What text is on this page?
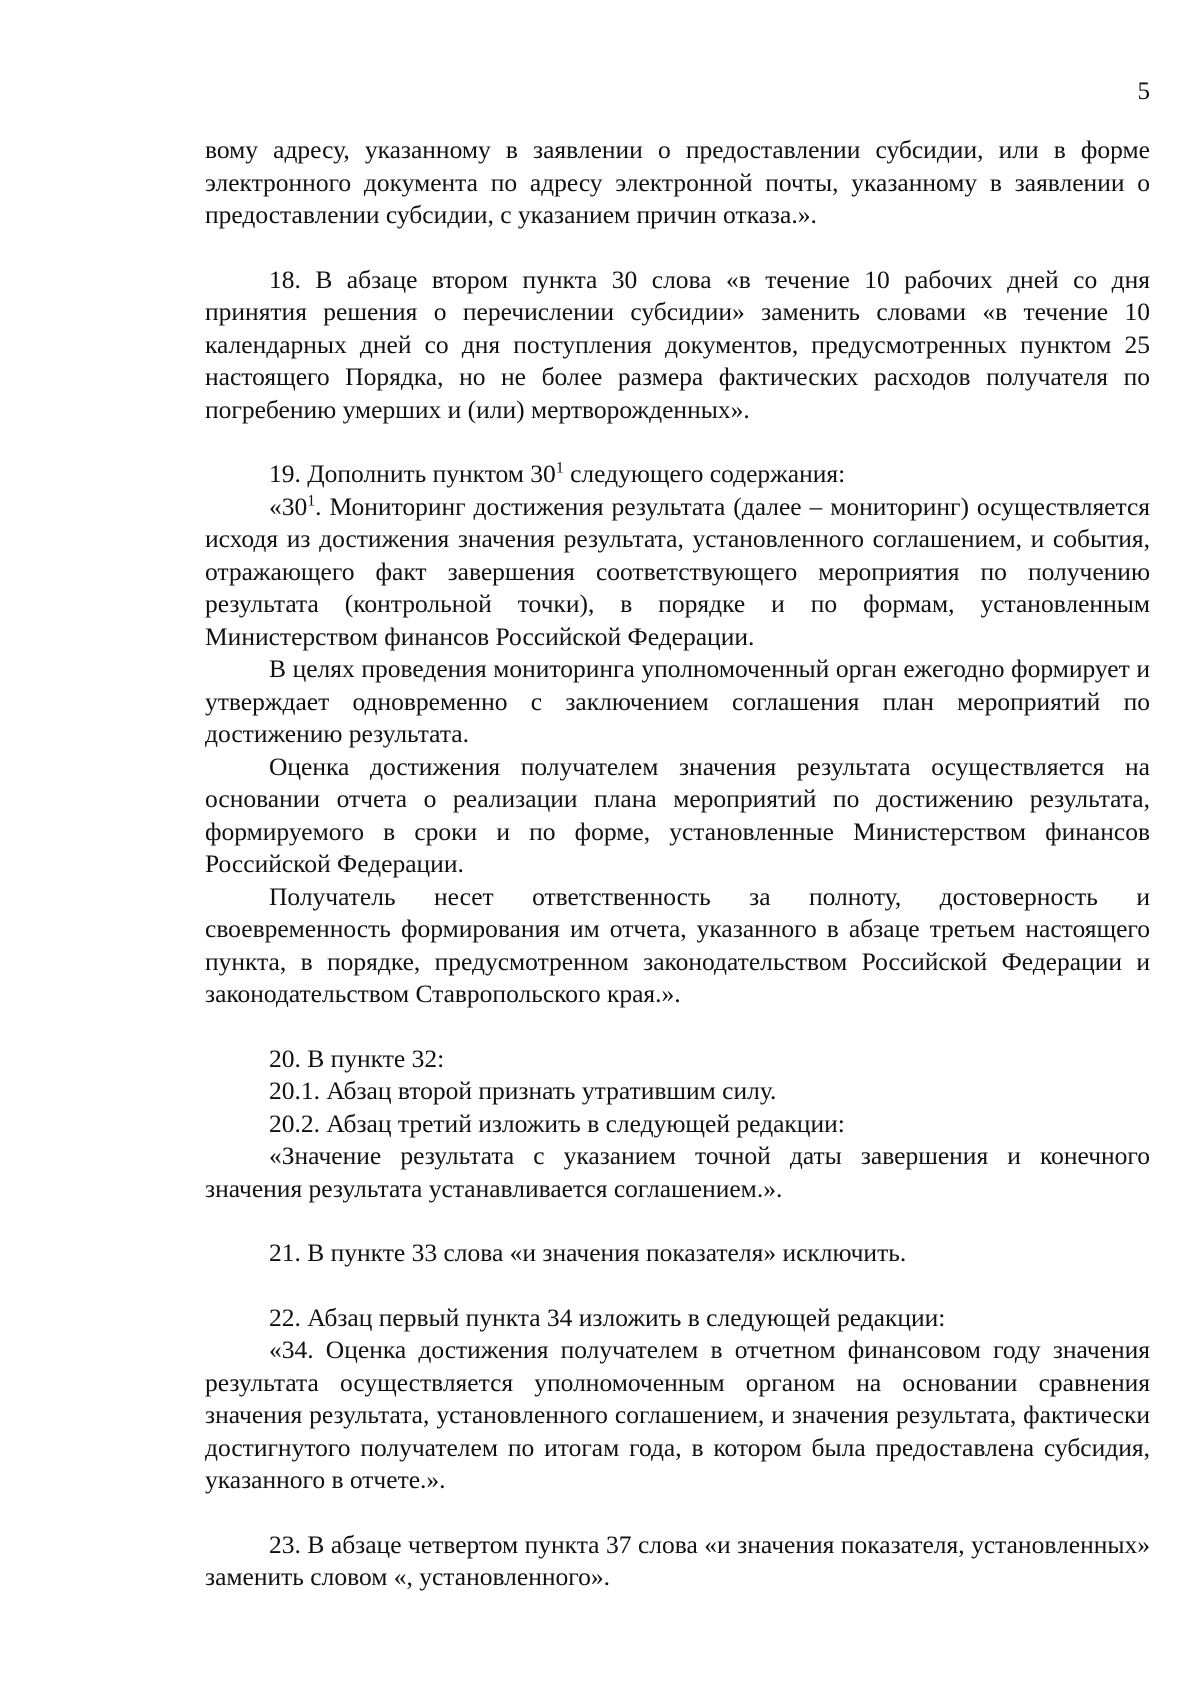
5

вому адресу, указанному в заявлении о предоставлении субсидии, или в форме электронного документа по адресу электронной почты, указанному в заявлении о предоставлении субсидии, с указанием причин отказа.».

18. В абзаце втором пункта 30 слова «в течение 10 рабочих дней со дня принятия решения о перечислении субсидии» заменить словами «в течение 10 календарных дней со дня поступления документов, предусмотренных пунктом 25 настоящего Порядка, но не более размера фактических расходов получателя по погребению умерших и (или) мертворожденных».

19. Дополнить пунктом $30^1$ следующего содержания:

«$30^1$. Мониторинг достижения результата (далее – мониторинг) осуществляется исходя из достижения значения результата, установленного соглашением, и события, отражающего факт завершения соответствующего мероприятия по получению результата (контрольной точки), в порядке и по формам, установленным Министерством финансов Российской Федерации.

В целях проведения мониторинга уполномоченный орган ежегодно формирует и утверждает одновременно с заключением соглашения план мероприятий по достижению результата.

Оценка достижения получателем значения результата осуществляется на основании отчета о реализации плана мероприятий по достижению результата, формируемого в сроки и по форме, установленные Министерством финансов Российской Федерации.

Получатель несет ответственность за полноту, достоверность и своевременность формирования им отчета, указанного в абзаце третьем настоящего пункта, в порядке, предусмотренном законодательством Российской Федерации и законодательством Ставропольского края.».

20. В пункте 32:

20.1. Абзац второй признать утратившим силу.

20.2. Абзац третий изложить в следующей редакции:

«Значение результата с указанием точной даты завершения и конечного значения результата устанавливается соглашением.».

21. В пункте 33 слова «и значения показателя» исключить.

22. Абзац первый пункта 34 изложить в следующей редакции:

«34. Оценка достижения получателем в отчетном финансовом году значения результата осуществляется уполномоченным органом на основании сравнения значения результата, установленного соглашением, и значения результата, фактически достигнутого получателем по итогам года, в котором была предоставлена субсидия, указанного в отчете.».

23. В абзаце четвертом пункта 37 слова «и значения показателя, установленных» заменить словом «, установленного».
